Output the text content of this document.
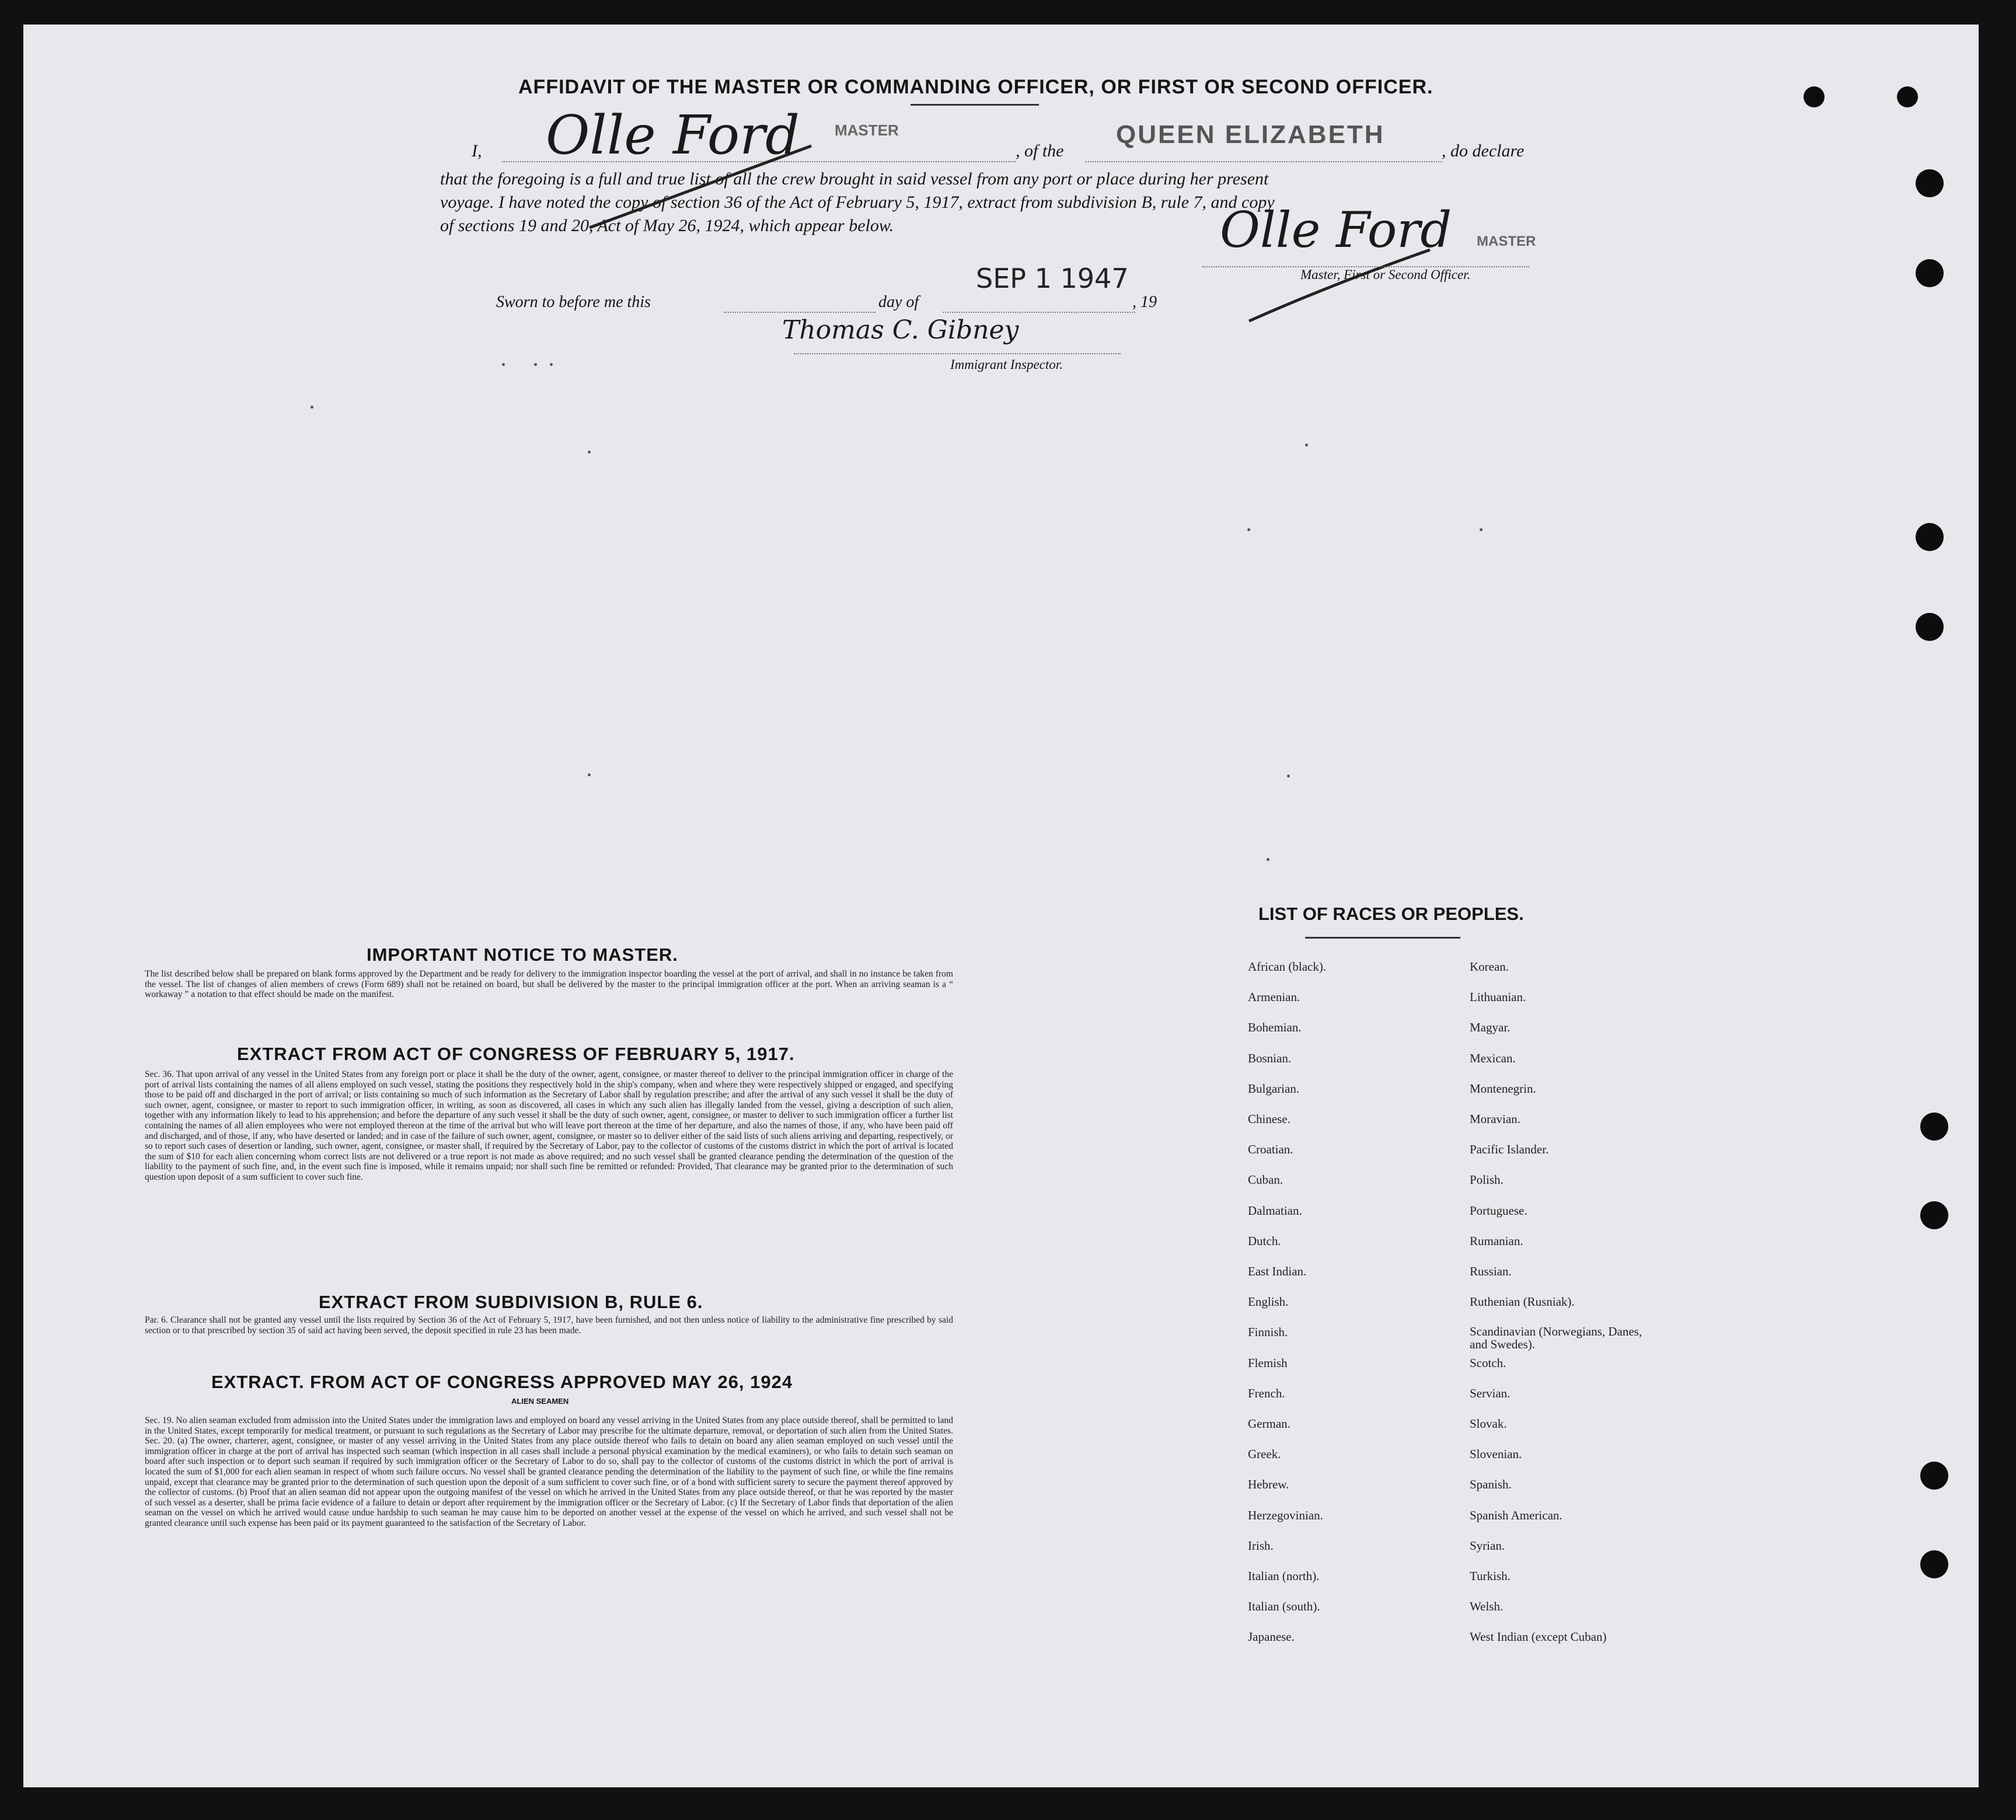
AFFIDAVIT OF THE MASTER OR COMMANDING OFFICER, OR FIRST OR SECOND OFFICER.
I, Olle Ford MASTER
, of the
QUEEN ELIZABETH
, do declare
that the foregoing is a full and true list of all the crew brought in said vessel from any port or place during her present
voyage. I have noted the copy of section 36 of the Act of February 5, 1917, extract from subdivision B, rule 7, and copy
of sections 19 and 20, Act of May 26, 1924, which appear below.	Olle Ford MASTER
Master, First or Second Officer.
Sworn to before me this	day of
SEP 1 1947
, 19
Thomas C. Gibney
Immigrant Inspector.
IMPORTANT NOTICE TO MASTER.
The list described below shall be prepared on blank forms approved by the Department and be ready for delivery to the immigration inspector boarding the vessel at the port of arrival, and shall in no instance be taken from the vessel. The list of changes of alien members of crews (Form 689) shall not be retained on board, but shall be delivered by the master to the principal immigration officer at the port. When an arriving seaman is a “ workaway ” a notation to that effect should be made on the manifest.
EXTRACT FROM ACT OF CONGRESS OF FEBRUARY 5, 1917.
Sec. 36. That upon arrival of any vessel in the United States from any foreign port or place it shall be the duty of the owner, agent, consignee, or master thereof to deliver to the principal immigration officer in charge of the port of arrival lists containing the names of all aliens employed on such vessel, stating the positions they respectively hold in the ship's company, when and where they were respectively shipped or engaged, and specifying those to be paid off and discharged in the port of arrival; or lists containing so much of such information as the Secretary of Labor shall by regulation prescribe; and after the arrival of any such vessel it shall be the duty of such owner, agent, consignee, or master to report to such immigration officer, in writing, as soon as discovered, all cases in which any such alien has illegally landed from the vessel, giving a description of such alien, together with any information likely to lead to his apprehension; and before the departure of any such vessel it shall be the duty of such owner, agent, consignee, or master to deliver to such immigration officer a further list containing the names of all alien employees who were not employed thereon at the time of the arrival but who will leave port thereon at the time of her departure, and also the names of those, if any, who have been paid off and discharged, and of those, if any, who have deserted or landed; and in case of the failure of such owner, agent, consignee, or master so to deliver either of the said lists of such aliens arriving and departing, respectively, or so to report such cases of desertion or landing, such owner, agent, consignee, or master shall, if required by the Secretary of Labor, pay to the collector of customs of the customs district in which the port of arrival is located the sum of $10 for each alien concerning whom correct lists are not delivered or a true report is not made as above required; and no such vessel shall be granted clearance pending the determination of the question of the liability to the payment of such fine, and, in the event such fine is imposed, while it remains unpaid; nor shall such fine be remitted or refunded: Provided, That clearance may be granted prior to the determination of such question upon deposit of a sum sufficient to cover such fine.
EXTRACT FROM SUBDIVISION B, RULE 6.
Par. 6. Clearance shall not be granted any vessel until the lists required by Section 36 of the Act of February 5, 1917, have been furnished, and not then unless notice of liability to the administrative fine prescribed by said section or to that prescribed by section 35 of said act having been served, the deposit specified in rule 23 has been made.
EXTRACT. FROM ACT OF CONGRESS APPROVED MAY 26, 1924
ALIEN SEAMEN
Sec. 19. No alien seaman excluded from admission into the United States under the immigration laws and employed on board any vessel arriving in the United States from any place outside thereof, shall be permitted to land in the United States, except temporarily for medical treatment, or pursuant to such regulations as the Secretary of Labor may prescribe for the ultimate departure, removal, or deportation of such alien from the United States. Sec. 20. (a) The owner, charterer, agent, consignee, or master of any vessel arriving in the United States from any place outside thereof who fails to detain on board any alien seaman employed on such vessel until the immigration officer in charge at the port of arrival has inspected such seaman (which inspection in all cases shall include a personal physical examination by the medical examiners), or who fails to detain such seaman on board after such inspection or to deport such seaman if required by such immigration officer or the Secretary of Labor to do so, shall pay to the collector of customs of the customs district in which the port of arrival is located the sum of $1,000 for each alien seaman in respect of whom such failure occurs. No vessel shall be granted clearance pending the determination of the liability to the payment of such fine, or while the fine remains unpaid, except that clearance may be granted prior to the determination of such question upon the deposit of a sum sufficient to cover such fine, or of a bond with sufficient surety to secure the payment thereof approved by the collector of customs. (b) Proof that an alien seaman did not appear upon the outgoing manifest of the vessel on which he arrived in the United States from any place outside thereof, or that he was reported by the master of such vessel as a deserter, shall be prima facie evidence of a failure to detain or deport after requirement by the immigration officer or the Secretary of Labor. (c) If the Secretary of Labor finds that deportation of the alien seaman on the vessel on which he arrived would cause undue hardship to such seaman he may cause him to be deported on another vessel at the expense of the vessel on which he arrived, and such vessel shall not be granted clearance until such expense has been paid or its payment guaranteed to the satisfaction of the Secretary of Labor.
LIST OF RACES OR PEOPLES.
African (black).
Armenian.
Bohemian.
Bosnian.
Bulgarian.
Chinese.
Croatian.
Cuban.
Dalmatian.
Dutch.
East Indian.
English.
Finnish.
Flemish
French.
German.
Greek.
Hebrew.
Herzegovinian.
Irish.
Italian (north).
Italian (south).
Japanese.
Korean.
Lithuanian.
Magyar.
Mexican.
Montenegrin.
Moravian.
Pacific Islander.
Polish.
Portuguese.
Rumanian.
Russian.
Ruthenian (Rusniak).
Scandinavian (Norwegians, Danes, and Swedes).
Scotch.
Servian.
Slovak.
Slovenian.
Spanish.
Spanish American.
Syrian.
Turkish.
Welsh.
West Indian (except Cuban)
